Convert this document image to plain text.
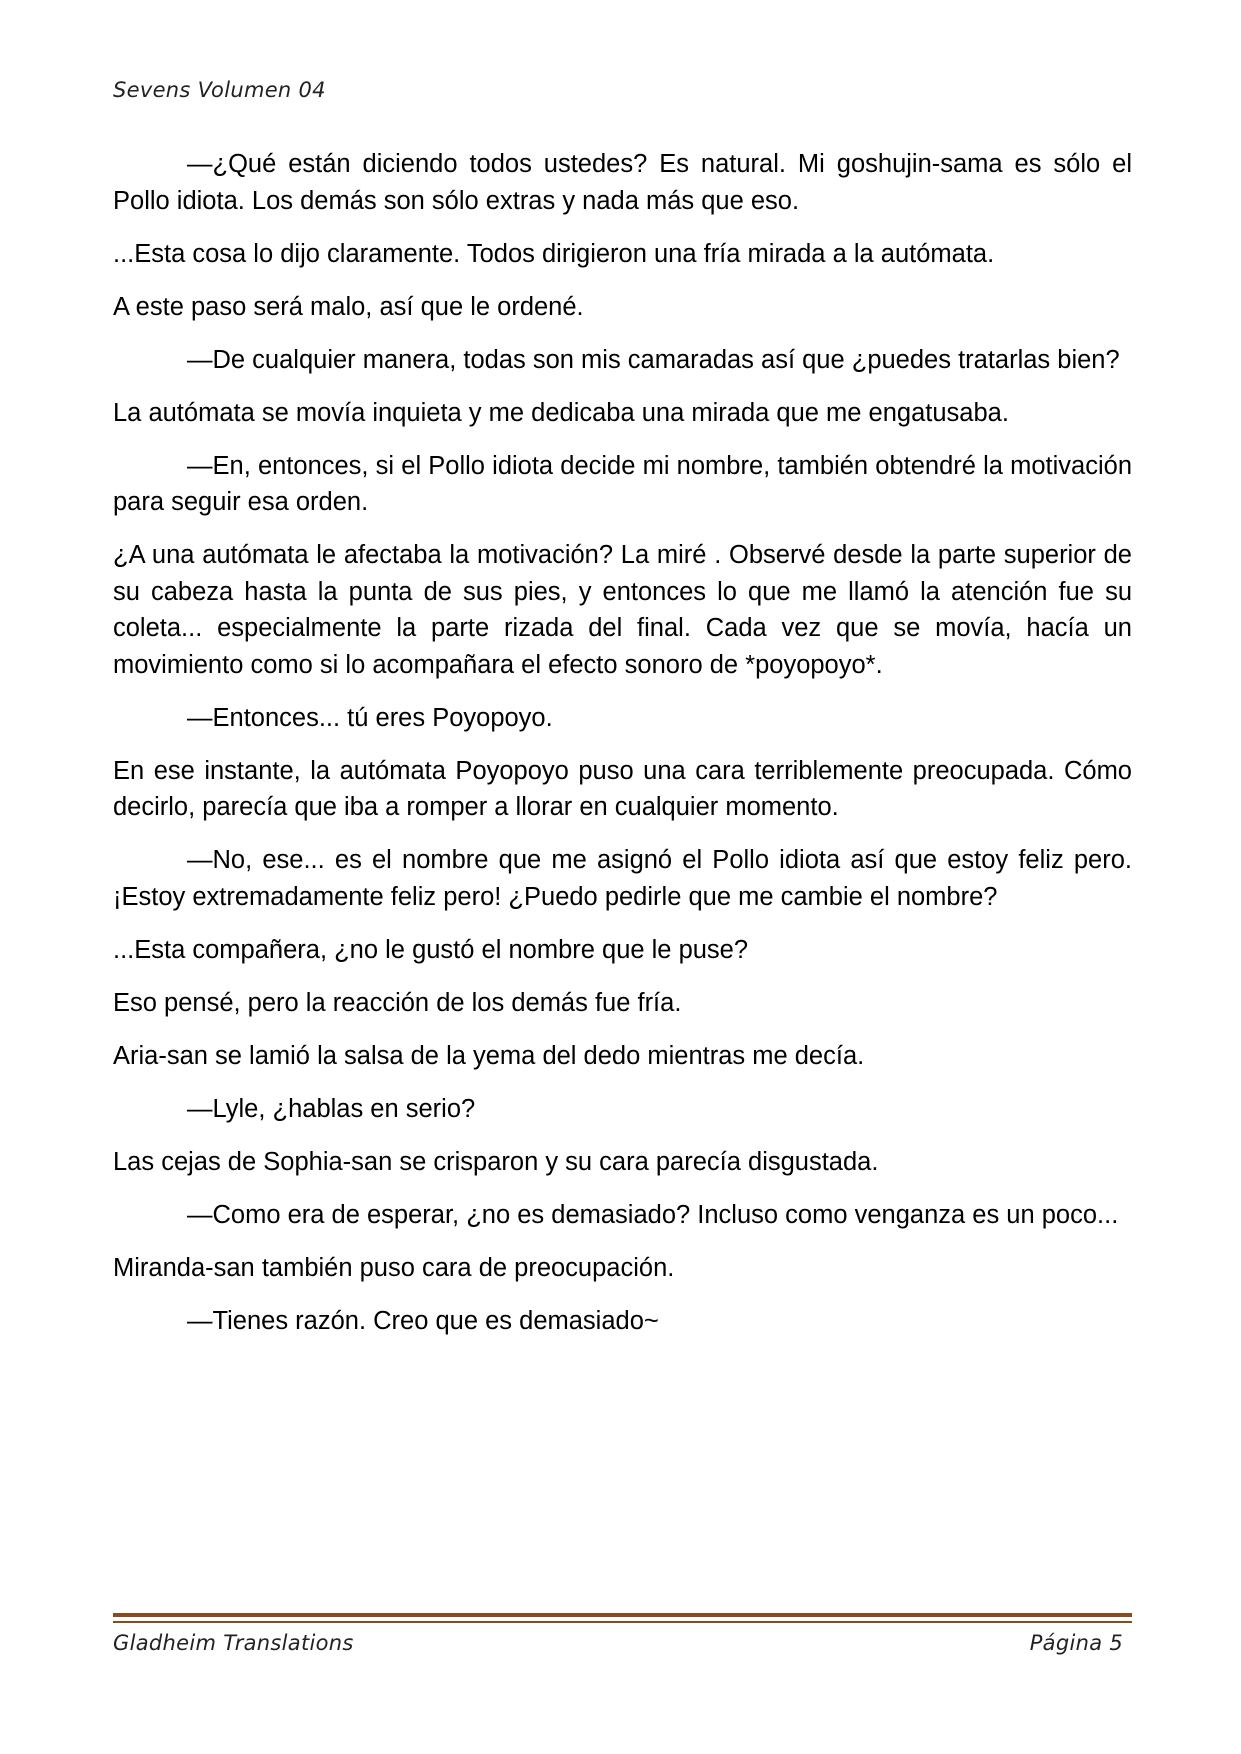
Sevens Volumen 04

—¿Qué están diciendo todos ustedes? Es natural. Mi goshujin-sama es sólo el Pollo idiota. Los demás son sólo extras y nada más que eso.

...Esta cosa lo dijo claramente. Todos dirigieron una fría mirada a la autómata.

A este paso será malo, así que le ordené.

—De cualquier manera, todas son mis camaradas así que ¿puedes tratarlas bien?

La autómata se movía inquieta y me dedicaba una mirada que me engatusaba.

—En, entonces, si el Pollo idiota decide mi nombre, también obtendré la motivación para seguir esa orden.

¿A una autómata le afectaba la motivación? La miré . Observé desde la parte superior de su cabeza hasta la punta de sus pies, y entonces lo que me llamó la atención fue su coleta... especialmente la parte rizada del final. Cada vez que se movía, hacía un movimiento como si lo acompañara el efecto sonoro de *poyopoyo*.

—Entonces... tú eres Poyopoyo.

En ese instante, la autómata Poyopoyo puso una cara terriblemente preocupada. Cómo decirlo, parecía que iba a romper a llorar en cualquier momento.

—No, ese... es el nombre que me asignó el Pollo idiota así que estoy feliz pero. ¡Estoy extremadamente feliz pero! ¿Puedo pedirle que me cambie el nombre?

...Esta compañera, ¿no le gustó el nombre que le puse?

Eso pensé, pero la reacción de los demás fue fría.

Aria-san se lamió la salsa de la yema del dedo mientras me decía.

—Lyle, ¿hablas en serio?

Las cejas de Sophia-san se crisparon y su cara parecía disgustada.

—Como era de esperar, ¿no es demasiado? Incluso como venganza es un poco...

Miranda-san también puso cara de preocupación.

—Tienes razón. Creo que es demasiado~

Gladheim Translations	Página 5
